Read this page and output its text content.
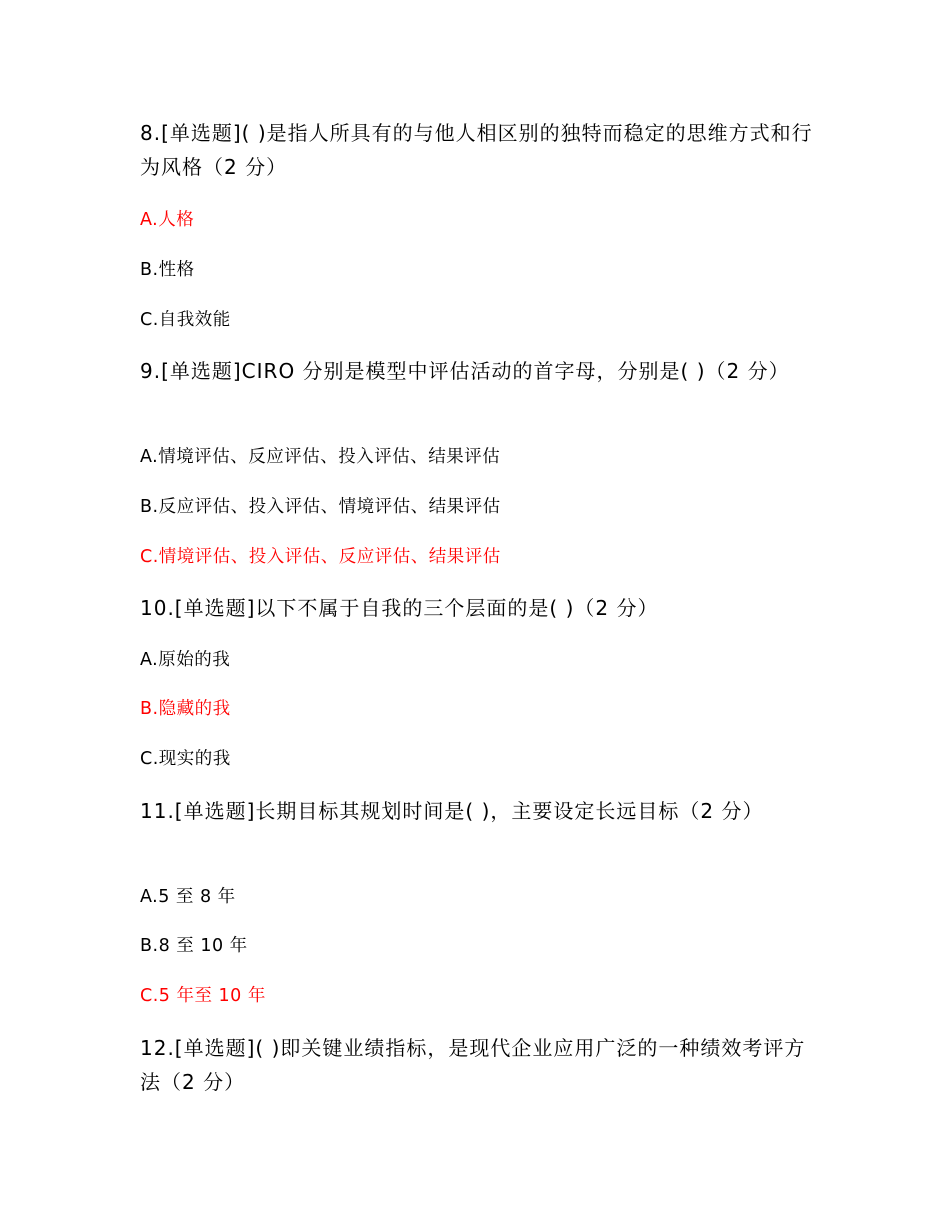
8.[单选题]( )是指人所具有的与他人相区别的独特而稳定的思维方式和行为风格（2 分）

A.人格

B.性格

C.自我效能

9.[单选题]CIRO 分别是模型中评估活动的首字母，分别是( )（2 分）

A.情境评估、反应评估、投入评估、结果评估

B.反应评估、投入评估、情境评估、结果评估

C.情境评估、投入评估、反应评估、结果评估

10.[单选题]以下不属于自我的三个层面的是( )（2 分）

A.原始的我

B.隐藏的我

C.现实的我

11.[单选题]长期目标其规划时间是( )，主要设定长远目标（2 分）

A.5 至 8 年

B.8 至 10 年

C.5 年至 10 年

12.[单选题]( )即关键业绩指标，是现代企业应用广泛的一种绩效考评方法（2 分）
